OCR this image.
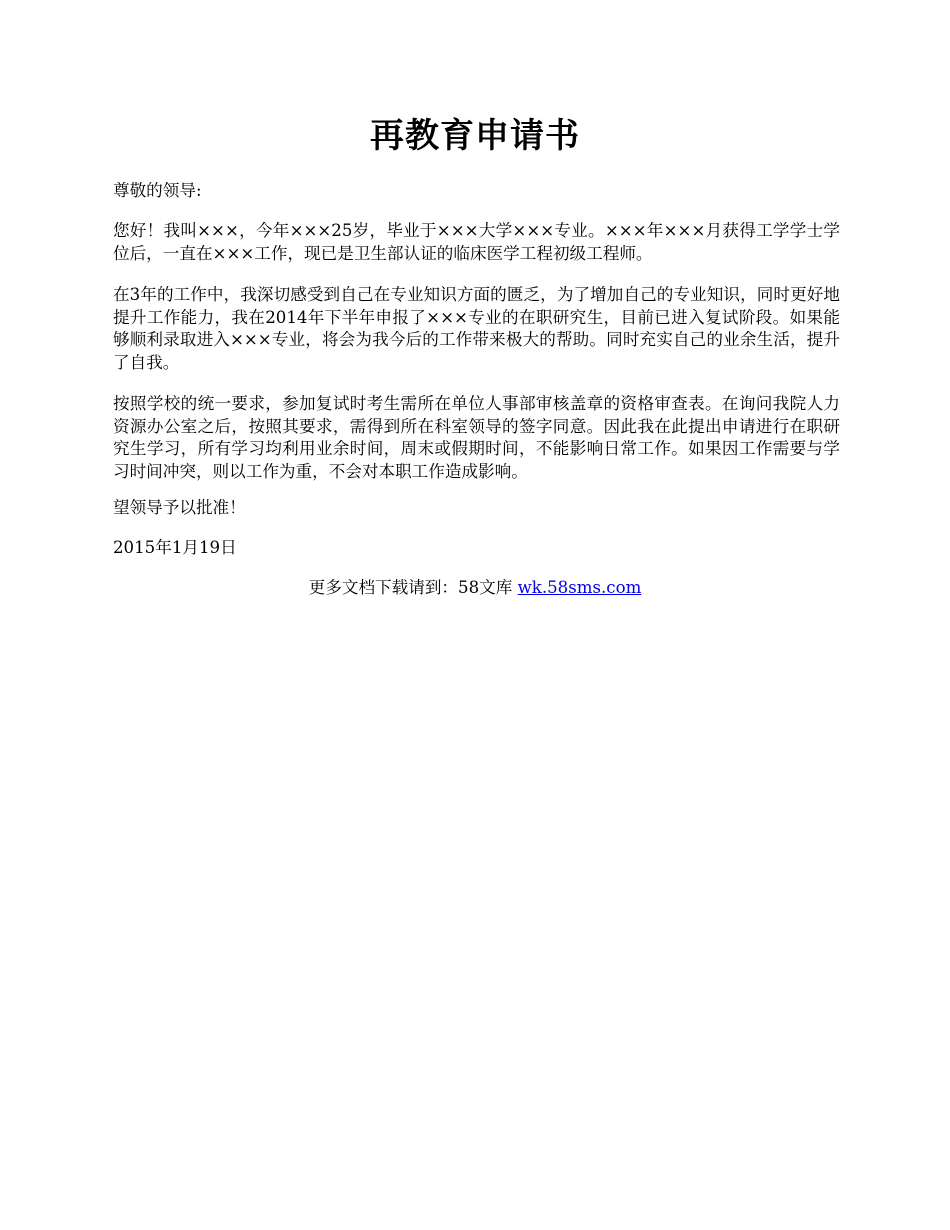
再教育申请书
尊敬的领导:
您好！我叫×××，今年×××25岁，毕业于×××大学×××专业。×××年×××月获得工学学士学位后，一直在×××工作，现已是卫生部认证的临床医学工程初级工程师。
在3年的工作中，我深切感受到自己在专业知识方面的匮乏，为了增加自己的专业知识，同时更好地提升工作能力，我在2014年下半年申报了×××专业的在职研究生，目前已进入复试阶段。如果能够顺利录取进入×××专业，将会为我今后的工作带来极大的帮助。同时充实自己的业余生活，提升了自我。
按照学校的统一要求，参加复试时考生需所在单位人事部审核盖章的资格审查表。在询问我院人力资源办公室之后，按照其要求，需得到所在科室领导的签字同意。因此我在此提出申请进行在职研究生学习，所有学习均利用业余时间，周末或假期时间，不能影响日常工作。如果因工作需要与学习时间冲突，则以工作为重，不会对本职工作造成影响。
望领导予以批准！
2015年1月19日
更多文档下载请到：58文库 wk.58sms.com
